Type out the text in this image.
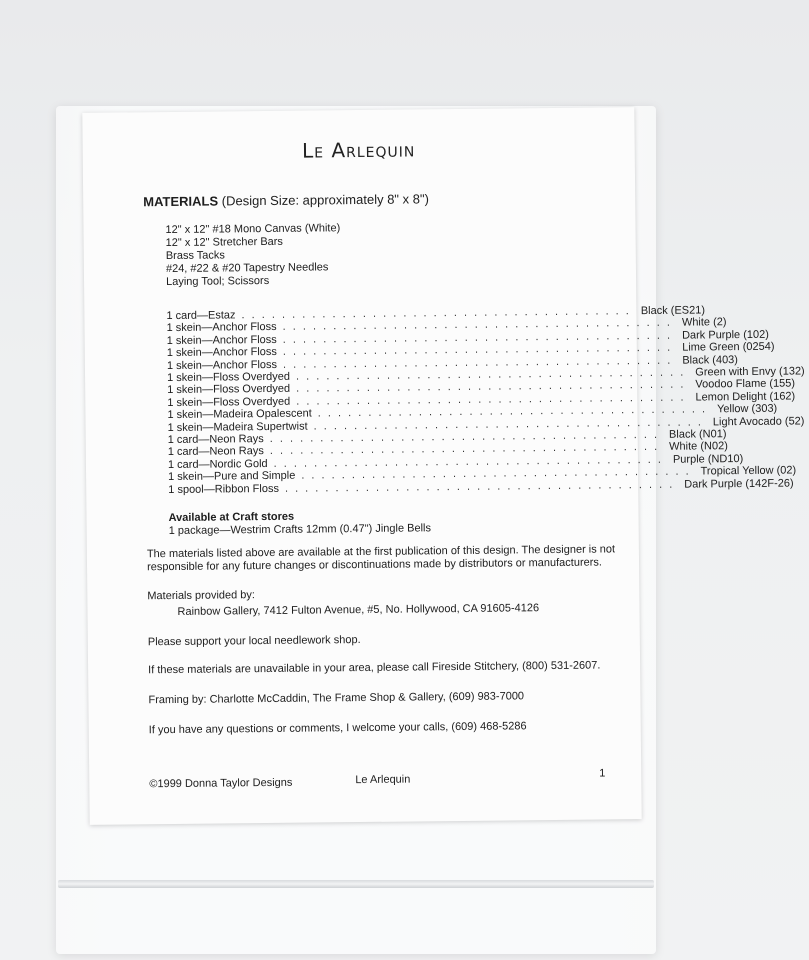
Le Arlequin
MATERIALS (Design Size: approximately 8" x 8")
12" x 12" #18 Mono Canvas (White)
12" x 12" Stretcher Bars
Brass Tacks
#24, #22 & #20 Tapestry Needles
Laying Tool; Scissors
1 card — Estaz . . . . . . . . . . . . . . . . . . . . . . . . . . . . . . . . . . . . . . . Black (ES21)
1 skein — Anchor Floss . . . . . . . . . . . . . . . . . . . . . . . . . . . . . . . . . . . . . . . White (2)
1 skein — Anchor Floss . . . . . . . . . . . . . . . . . . . . . . . . . . . . . . . . . . . . . . . Dark Purple (102)
1 skein — Anchor Floss . . . . . . . . . . . . . . . . . . . . . . . . . . . . . . . . . . . . . . . Lime Green (0254)
1 skein — Anchor Floss . . . . . . . . . . . . . . . . . . . . . . . . . . . . . . . . . . . . . . . Black (403)
1 skein — Floss Overdyed . . . . . . . . . . . . . . . . . . . . . . . . . . . . . . . . . . . . . . . Green with Envy (132)
1 skein — Floss Overdyed . . . . . . . . . . . . . . . . . . . . . . . . . . . . . . . . . . . . . . . Voodoo Flame (155)
1 skein — Floss Overdyed . . . . . . . . . . . . . . . . . . . . . . . . . . . . . . . . . . . . . . . Lemon Delight (162)
1 skein — Madeira Opalescent . . . . . . . . . . . . . . . . . . . . . . . . . . . . . . . . . . . . . . . Yellow (303)
1 skein — Madeira Supertwist . . . . . . . . . . . . . . . . . . . . . . . . . . . . . . . . . . . . . . . Light Avocado (52)
1 card — Neon Rays . . . . . . . . . . . . . . . . . . . . . . . . . . . . . . . . . . . . . . . Black (N01)
1 card — Neon Rays . . . . . . . . . . . . . . . . . . . . . . . . . . . . . . . . . . . . . . . White (N02)
1 card — Nordic Gold . . . . . . . . . . . . . . . . . . . . . . . . . . . . . . . . . . . . . . . Purple (ND10)
1 skein — Pure and Simple . . . . . . . . . . . . . . . . . . . . . . . . . . . . . . . . . . . . . . . Tropical Yellow (02)
1 spool — Ribbon Floss . . . . . . . . . . . . . . . . . . . . . . . . . . . . . . . . . . . . . . . Dark Purple (142F-26)
Available at Craft stores
1 package—Westrim Crafts 12mm (0.47") Jingle Bells
The materials listed above are available at the first publication of this design. The designer is not responsible for any future changes or discontinuations made by distributors or manufacturers.
Materials provided by:
Rainbow Gallery, 7412 Fulton Avenue, #5, No. Hollywood, CA 91605-4126
Please support your local needlework shop.
If these materials are unavailable in your area, please call Fireside Stitchery, (800) 531-2607.
Framing by: Charlotte McCaddin, The Frame Shop & Gallery, (609) 983-7000
If you have any questions or comments, I welcome your calls, (609) 468-5286
©1999 Donna Taylor Designs	Le Arlequin
1
